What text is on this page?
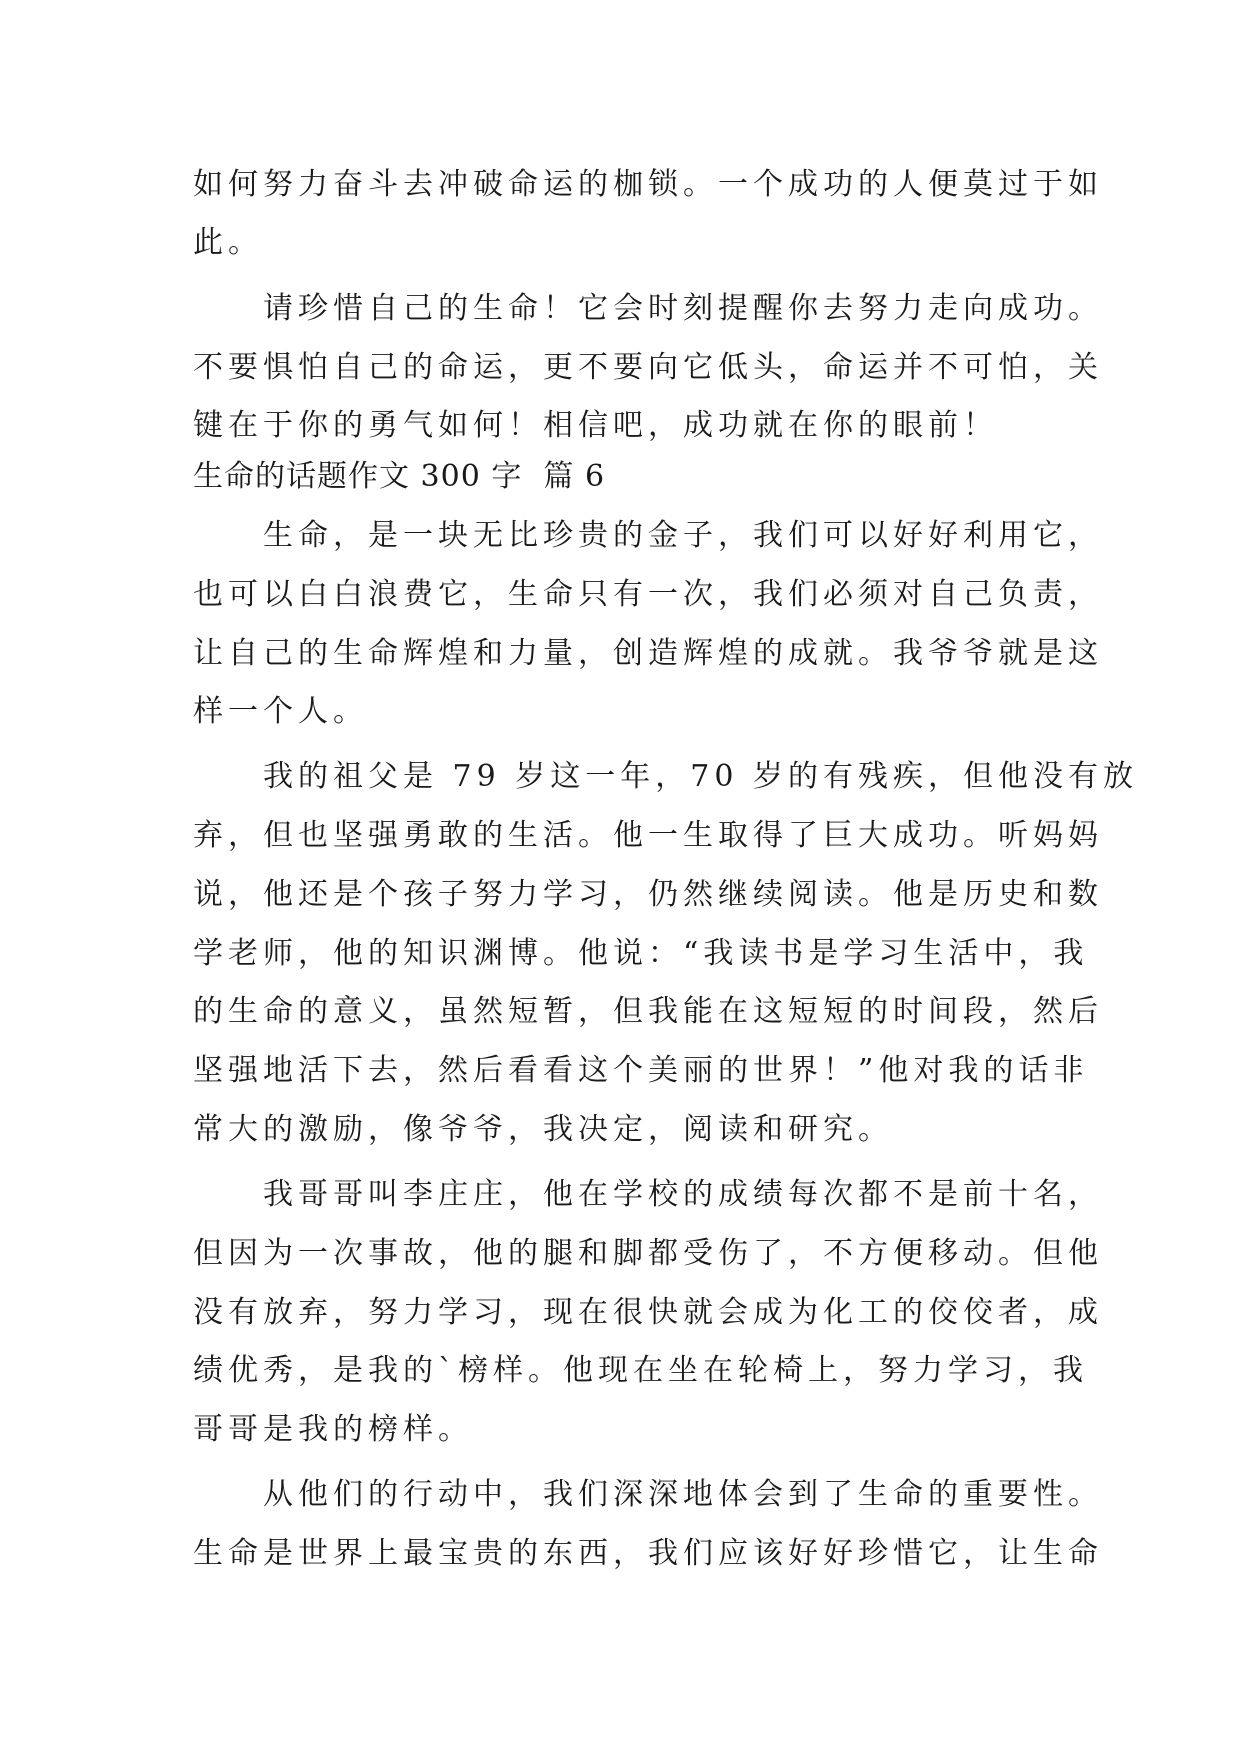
如何努力奋斗去冲破命运的枷锁。一个成功的人便莫过于如
此。
　　请珍惜自己的生命！它会时刻提醒你去努力走向成功。
不要惧怕自己的命运，更不要向它低头，命运并不可怕，关
键在于你的勇气如何！相信吧，成功就在你的眼前！
生命的话题作文 300 字  篇 6
　　生命，是一块无比珍贵的金子，我们可以好好利用它，
也可以白白浪费它，生命只有一次，我们必须对自己负责，
让自己的生命辉煌和力量，创造辉煌的成就。我爷爷就是这
样一个人。
　　我的祖父是 79 岁这一年，70 岁的有残疾，但他没有放
弃，但也坚强勇敢的生活。他一生取得了巨大成功。听妈妈
说，他还是个孩子努力学习，仍然继续阅读。他是历史和数
学老师，他的知识渊博。他说：“我读书是学习生活中，我
的生命的意义，虽然短暂，但我能在这短短的时间段，然后
坚强地活下去，然后看看这个美丽的世界！”他对我的话非
常大的激励，像爷爷，我决定，阅读和研究。
　　我哥哥叫李庄庄，他在学校的成绩每次都不是前十名，
但因为一次事故，他的腿和脚都受伤了，不方便移动。但他
没有放弃，努力学习，现在很快就会成为化工的佼佼者，成
绩优秀，是我的`榜样。他现在坐在轮椅上，努力学习，我
哥哥是我的榜样。
　　从他们的行动中，我们深深地体会到了生命的重要性。
生命是世界上最宝贵的东西，我们应该好好珍惜它，让生命
